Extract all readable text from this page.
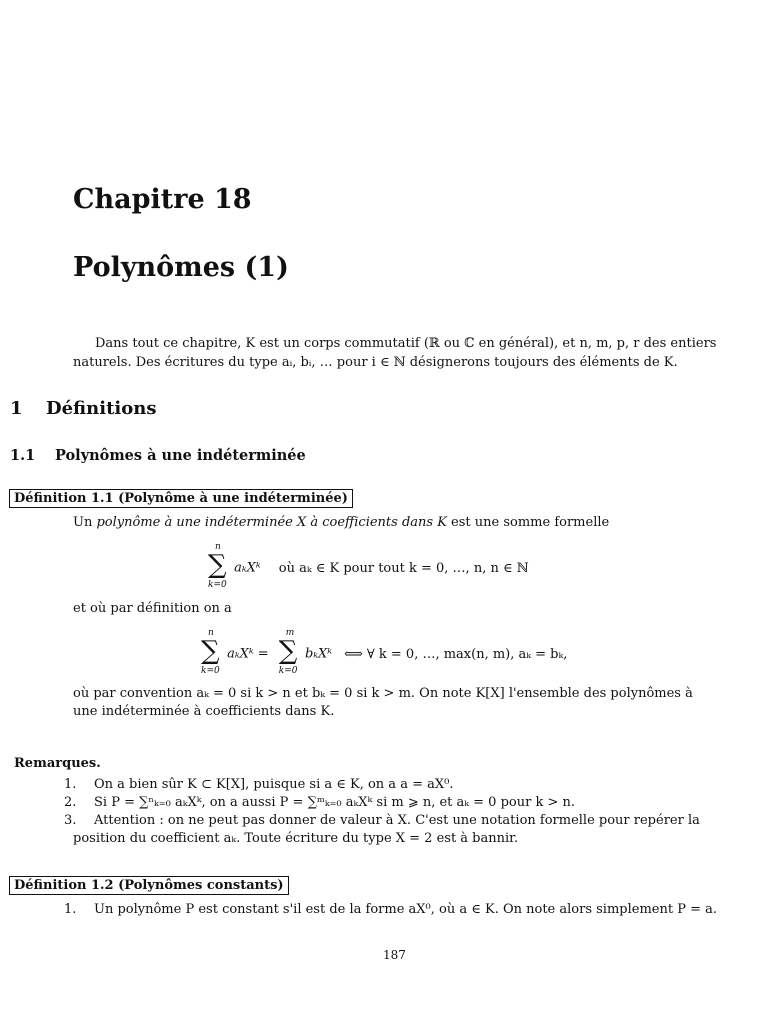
Chapitre 18
Polynômes (1)
Dans tout ce chapitre, K est un corps commutatif (ℝ ou ℂ en général), et n, m, p, r des entiers
naturels. Des écritures du type aᵢ, bᵢ, … pour i ∈ ℕ désignerons toujours des éléments de K.
1 Définitions
1.1 Polynômes à une indéterminée
Définition 1.1 (Polynôme à une indéterminée)
Un polynôme à une indéterminée X à coefficients dans K est une somme formelle
n
∑
k=0
aₖXᵏ où aₖ ∈ K pour tout k = 0, …, n, n ∈ ℕ
et où par définition on a
n
∑
k=0
aₖXᵏ =
m
∑
k=0
bₖXᵏ ⟺ ∀ k = 0, …, max(n, m), aₖ = bₖ,
où par convention aₖ = 0 si k > n et bₖ = 0 si k > m. On note K[X] l'ensemble des polynômes à
une indéterminée à coefficients dans K.
Remarques.
1. On a bien sûr K ⊂ K[X], puisque si a ∈ K, on a a = aX⁰.
2. Si P = ∑ⁿₖ₌₀ aₖXᵏ, on a aussi P = ∑ᵐₖ₌₀ aₖXᵏ si m ⩾ n, et aₖ = 0 pour k > n.
3. Attention : on ne peut pas donner de valeur à X. C'est une notation formelle pour repérer la
position du coefficient aₖ. Toute écriture du type X = 2 est à bannir.
Définition 1.2 (Polynômes constants)
1. Un polynôme P est constant s'il est de la forme aX⁰, où a ∈ K. On note alors simplement P = a.
187
